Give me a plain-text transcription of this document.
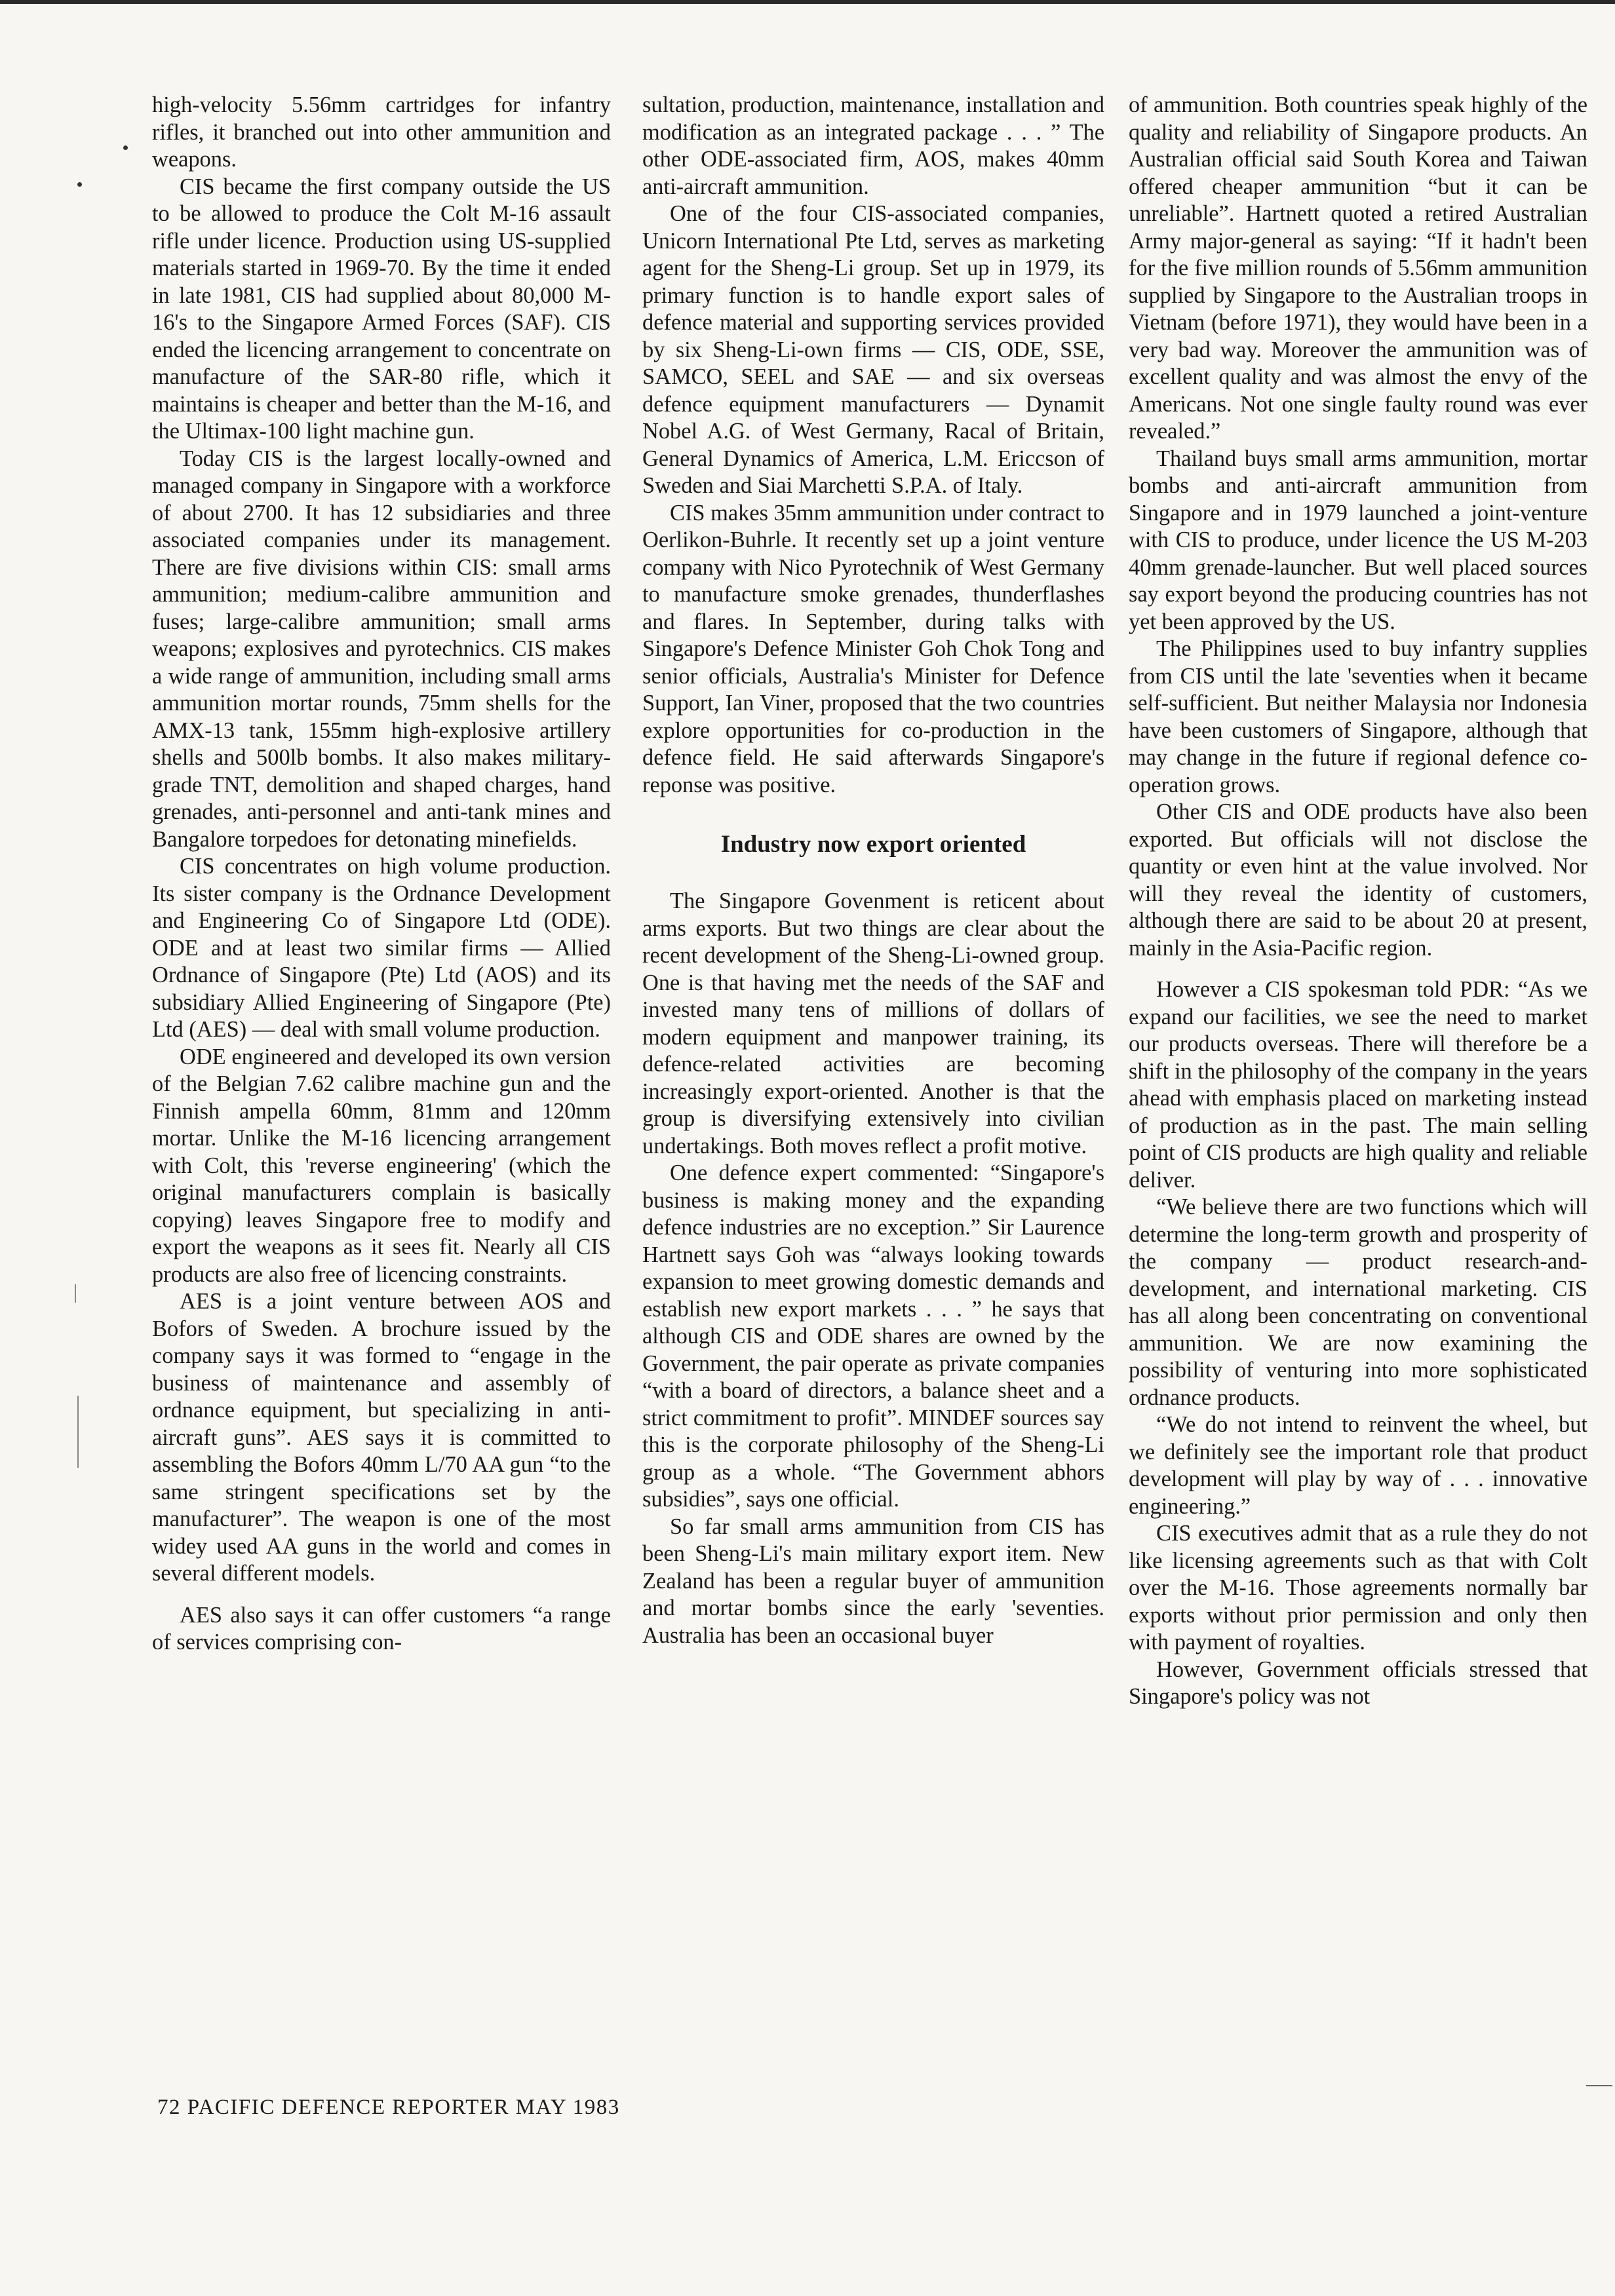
high-velocity 5.56mm cartridges for infantry rifles, it branched out into other ammunition and weapons.

CIS became the first company outside the US to be allowed to produce the Colt M-16 assault rifle under licence. Production using US-supplied materials started in 1969-70. By the time it ended in late 1981, CIS had supplied about 80,000 M-16's to the Singapore Armed Forces (SAF). CIS ended the licencing arrangement to concentrate on manufacture of the SAR-80 rifle, which it maintains is cheaper and better than the M-16, and the Ultimax-100 light machine gun.

Today CIS is the largest locally-owned and managed company in Singapore with a workforce of about 2700. It has 12 subsidiaries and three associated companies under its management. There are five divisions within CIS: small arms ammunition; medium-calibre ammunition and fuses; large-calibre ammunition; small arms weapons; explosives and pyrotechnics. CIS makes a wide range of ammunition, including small arms ammunition mortar rounds, 75mm shells for the AMX-13 tank, 155mm high-explosive artillery shells and 500lb bombs. It also makes military-grade TNT, demolition and shaped charges, hand grenades, anti-personnel and anti-tank mines and Bangalore torpedoes for detonating minefields.

CIS concentrates on high volume production. Its sister company is the Ordnance Development and Engineering Co of Singapore Ltd (ODE). ODE and at least two similar firms — Allied Ordnance of Singapore (Pte) Ltd (AOS) and its subsidiary Allied Engineering of Singapore (Pte) Ltd (AES) — deal with small volume production.

ODE engineered and developed its own version of the Belgian 7.62 calibre machine gun and the Finnish ampella 60mm, 81mm and 120mm mortar. Unlike the M-16 licencing arrangement with Colt, this 'reverse engineering' (which the original manufacturers complain is basically copying) leaves Singapore free to modify and export the weapons as it sees fit. Nearly all CIS products are also free of licencing constraints.

AES is a joint venture between AOS and Bofors of Sweden. A brochure issued by the company says it was formed to “engage in the business of maintenance and assembly of ordnance equipment, but specializing in anti-aircraft guns”. AES says it is committed to assembling the Bofors 40mm L/70 AA gun “to the same stringent specifications set by the manufacturer”. The weapon is one of the most widey used AA guns in the world and comes in several different models.

AES also says it can offer customers “a range of services comprising con-

sultation, production, maintenance, installation and modification as an integrated package . . . ” The other ODE-associated firm, AOS, makes 40mm anti-aircraft ammunition.

One of the four CIS-associated companies, Unicorn International Pte Ltd, serves as marketing agent for the Sheng-Li group. Set up in 1979, its primary function is to handle export sales of defence material and supporting services provided by six Sheng-Li-own firms — CIS, ODE, SSE, SAMCO, SEEL and SAE — and six overseas defence equipment manufacturers — Dynamit Nobel A.G. of West Germany, Racal of Britain, General Dynamics of America, L.M. Ericcson of Sweden and Siai Marchetti S.P.A. of Italy.

CIS makes 35mm ammunition under contract to Oerlikon-Buhrle. It recently set up a joint venture company with Nico Pyrotechnik of West Germany to manufacture smoke grenades, thunderflashes and flares. In September, during talks with Singapore's Defence Minister Goh Chok Tong and senior officials, Australia's Minister for Defence Support, Ian Viner, proposed that the two countries explore opportunities for co-production in the defence field. He said afterwards Singapore's reponse was positive.

Industry now export oriented

The Singapore Govenment is reticent about arms exports. But two things are clear about the recent development of the Sheng-Li-owned group. One is that having met the needs of the SAF and invested many tens of millions of dollars of modern equipment and manpower training, its defence-related activities are becoming increasingly export-oriented. Another is that the group is diversifying extensively into civilian undertakings. Both moves reflect a profit motive.

One defence expert commented: “Singapore's business is making money and the expanding defence industries are no exception.” Sir Laurence Hartnett says Goh was “always looking towards expansion to meet growing domestic demands and establish new export markets . . . ” he says that although CIS and ODE shares are owned by the Government, the pair operate as private companies “with a board of directors, a balance sheet and a strict commitment to profit”. MINDEF sources say this is the corporate philosophy of the Sheng-Li group as a whole. “The Government abhors subsidies”, says one official.

So far small arms ammunition from CIS has been Sheng-Li's main military export item. New Zealand has been a regular buyer of ammunition and mortar bombs since the early 'seventies. Australia has been an occasional buyer

of ammunition. Both countries speak highly of the quality and reliability of Singapore products. An Australian official said South Korea and Taiwan offered cheaper ammunition “but it can be unreliable”. Hartnett quoted a retired Australian Army major-general as saying: “If it hadn't been for the five million rounds of 5.56mm ammunition supplied by Singapore to the Australian troops in Vietnam (before 1971), they would have been in a very bad way. Moreover the ammunition was of excellent quality and was almost the envy of the Americans. Not one single faulty round was ever revealed.”

Thailand buys small arms ammunition, mortar bombs and anti-aircraft ammunition from Singapore and in 1979 launched a joint-venture with CIS to produce, under licence the US M-203 40mm grenade-launcher. But well placed sources say export beyond the producing countries has not yet been approved by the US.

The Philippines used to buy infantry supplies from CIS until the late 'seventies when it became self-sufficient. But neither Malaysia nor Indonesia have been customers of Singapore, although that may change in the future if regional defence co-operation grows.

Other CIS and ODE products have also been exported. But officials will not disclose the quantity or even hint at the value involved. Nor will they reveal the identity of customers, although there are said to be about 20 at present, mainly in the Asia-Pacific region.

However a CIS spokesman told PDR: “As we expand our facilities, we see the need to market our products overseas. There will therefore be a shift in the philosophy of the company in the years ahead with emphasis placed on marketing instead of production as in the past. The main selling point of CIS products are high quality and reliable deliver.

“We believe there are two functions which will determine the long-term growth and prosperity of the company — product research-and-development, and international marketing. CIS has all along been concentrating on conventional ammunition. We are now examining the possibility of venturing into more sophisticated ordnance products.

“We do not intend to reinvent the wheel, but we definitely see the important role that product development will play by way of . . . innovative engineering.”

CIS executives admit that as a rule they do not like licensing agreements such as that with Colt over the M-16. Those agreements normally bar exports without prior permission and only then with payment of royalties.

However, Government officials stressed that Singapore's policy was not

72 PACIFIC DEFENCE REPORTER MAY 1983
